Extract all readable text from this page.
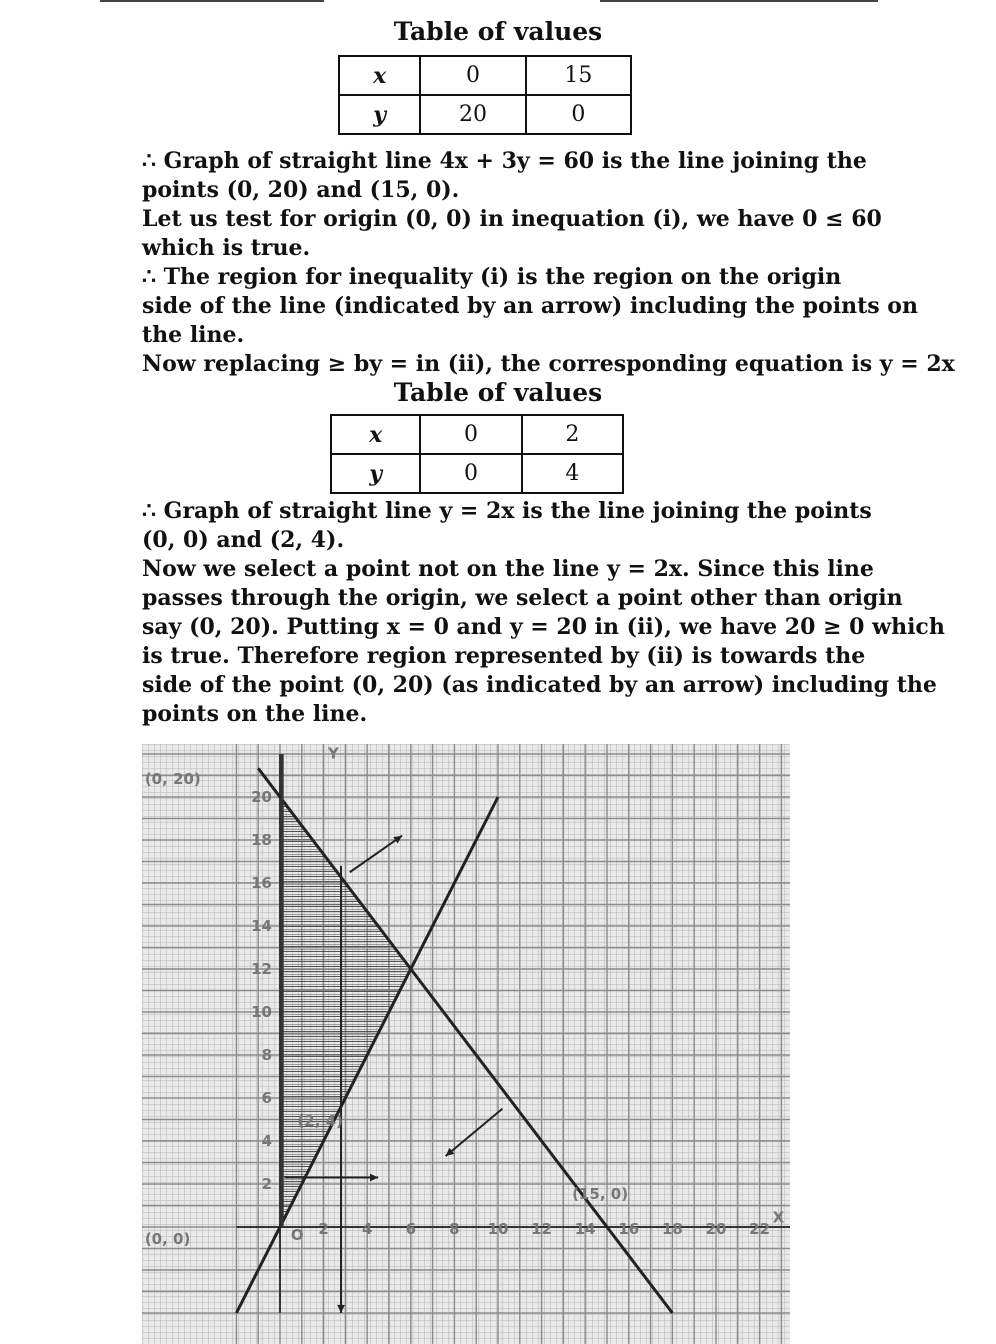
Table of values
x	0	15
y	20	0
∴ Graph of straight line 4x + 3y = 60 is the line joining the
points (0, 20) and (15, 0).
Let us test for origin (0, 0) in inequation (i), we have 0 ≤ 60
which is true.
∴ The region for inequality (i) is the region on the origin
side of the line (indicated by an arrow) including the points on
the line.
Now replacing ≥ by = in (ii), the corresponding equation is y = 2x
Table of values
x	0	2
y	0	4
∴ Graph of straight line y = 2x is the line joining the points
(0, 0) and (2, 4).
Now we select a point not on the line y = 2x. Since this line
passes through the origin, we select a point other than origin
say (0, 20). Putting x = 0 and y = 20 in (ii), we have 20 ≥ 0 which
is true. Therefore region represented by (ii) is towards the
side of the point (0, 20) (as indicated by an arrow) including the
points on the line.
2 4 6 8 10 12 14 16 18 20 22
2
4
6
8
10
12
14
16
18
20
(0, 20)
(15, 0)
(2, 4)
(0, 0)	O
X
Y
